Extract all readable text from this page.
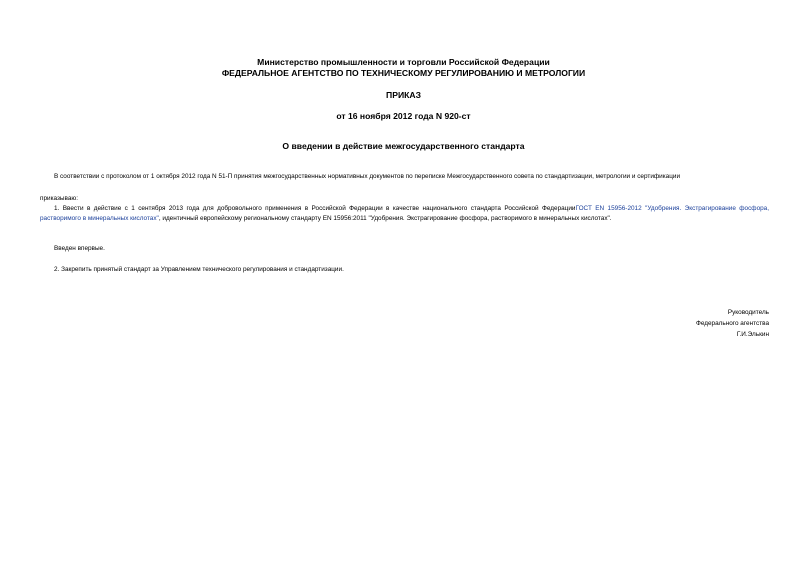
Министерство промышленности и торговли Российской Федерации
ФЕДЕРАЛЬНОЕ АГЕНТСТВО ПО ТЕХНИЧЕСКОМУ РЕГУЛИРОВАНИЮ И МЕТРОЛОГИИ
ПРИКАЗ
от 16 ноября 2012 года N 920-ст
О введении в действие межгосударственного стандарта
В соответствии с протоколом от 1 октября 2012 года N 51-П принятия межгосударственных нормативных документов по переписке Межгосударственного совета по стандартизации, метрологии и сертификации
приказываю:
1. Ввести в действие с 1 сентября 2013 года для добровольного применения в Российской Федерации в качестве национального стандарта Российской ФедерацииГОСТ EN 15956-2012 "Удобрения. Экстрагирование фосфора, растворимого в минеральных кислотах", идентичный европейскому региональному стандарту EN 15956:2011 "Удобрения. Экстрагирование фосфора, растворимого в минеральных кислотах".
Введен впервые.
2. Закрепить принятый стандарт за Управлением технического регулирования и стандартизации.
Руководитель
Федерального агентства
Г.И.Элькин
